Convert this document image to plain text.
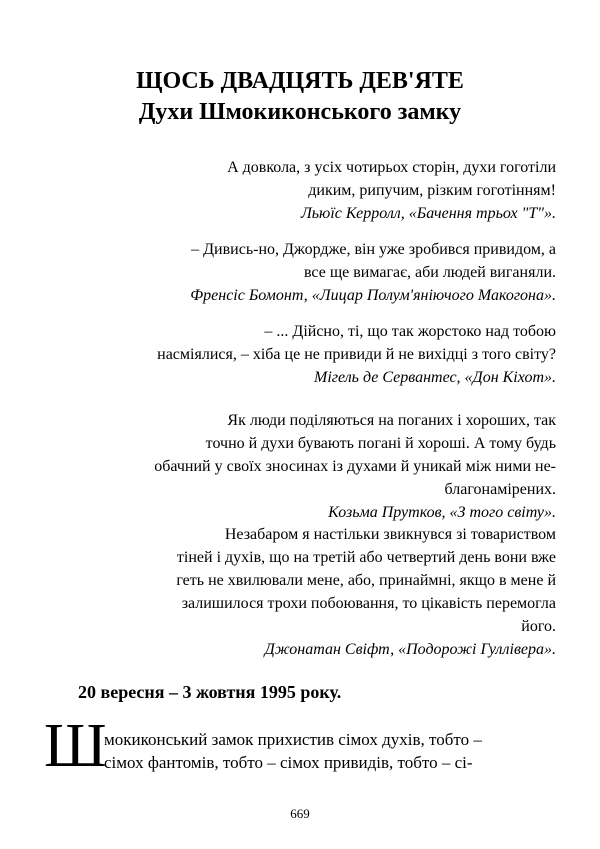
ЩОСЬ ДВАДЦЯТЬ ДЕВ'ЯТЕ
Духи Шмокиконського замку
А довкола, з усіх чотирьох сторін, духи гоготіли
диким, рипучим, різким гоготінням!
Льюїс Керролл, «Бачення трьох "Т"».
– Дивись-но, Джордже, він уже зробився привидом, а
все ще вимагає, аби людей виганяли.
Френсіс Бомонт, «Лицар Полум'яніючого Макогона».
– ... Дійсно, ті, що так жорстоко над тобою
насміялися, – хіба це не привиди й не вихідці з того світу?
Мігель де Сервантес, «Дон Кіхот».
Як люди поділяються на поганих і хороших, так
точно й духи бувають погані й хороші. А тому будь
обачний у своїх зносинах із духами й уникай між ними не-
благонамірених.
Козьма Прутков, «З того світу».
Незабаром я настільки звикнувся зі товариством
тіней і духів, що на третій або четвертий день вони вже
геть не хвилювали мене, або, принаймні, якщо в мене й
залишилося трохи побоювання, то цікавість перемогла
його.
Джонатан Свіфт, «Подорожі Гуллівера».
20 вересня – 3 жовтня 1995 року.
Ш
мокиконський замок прихистив сімох духів, тобто –
сімох фантомів, тобто – сімох привидів, тобто – сі-
669
